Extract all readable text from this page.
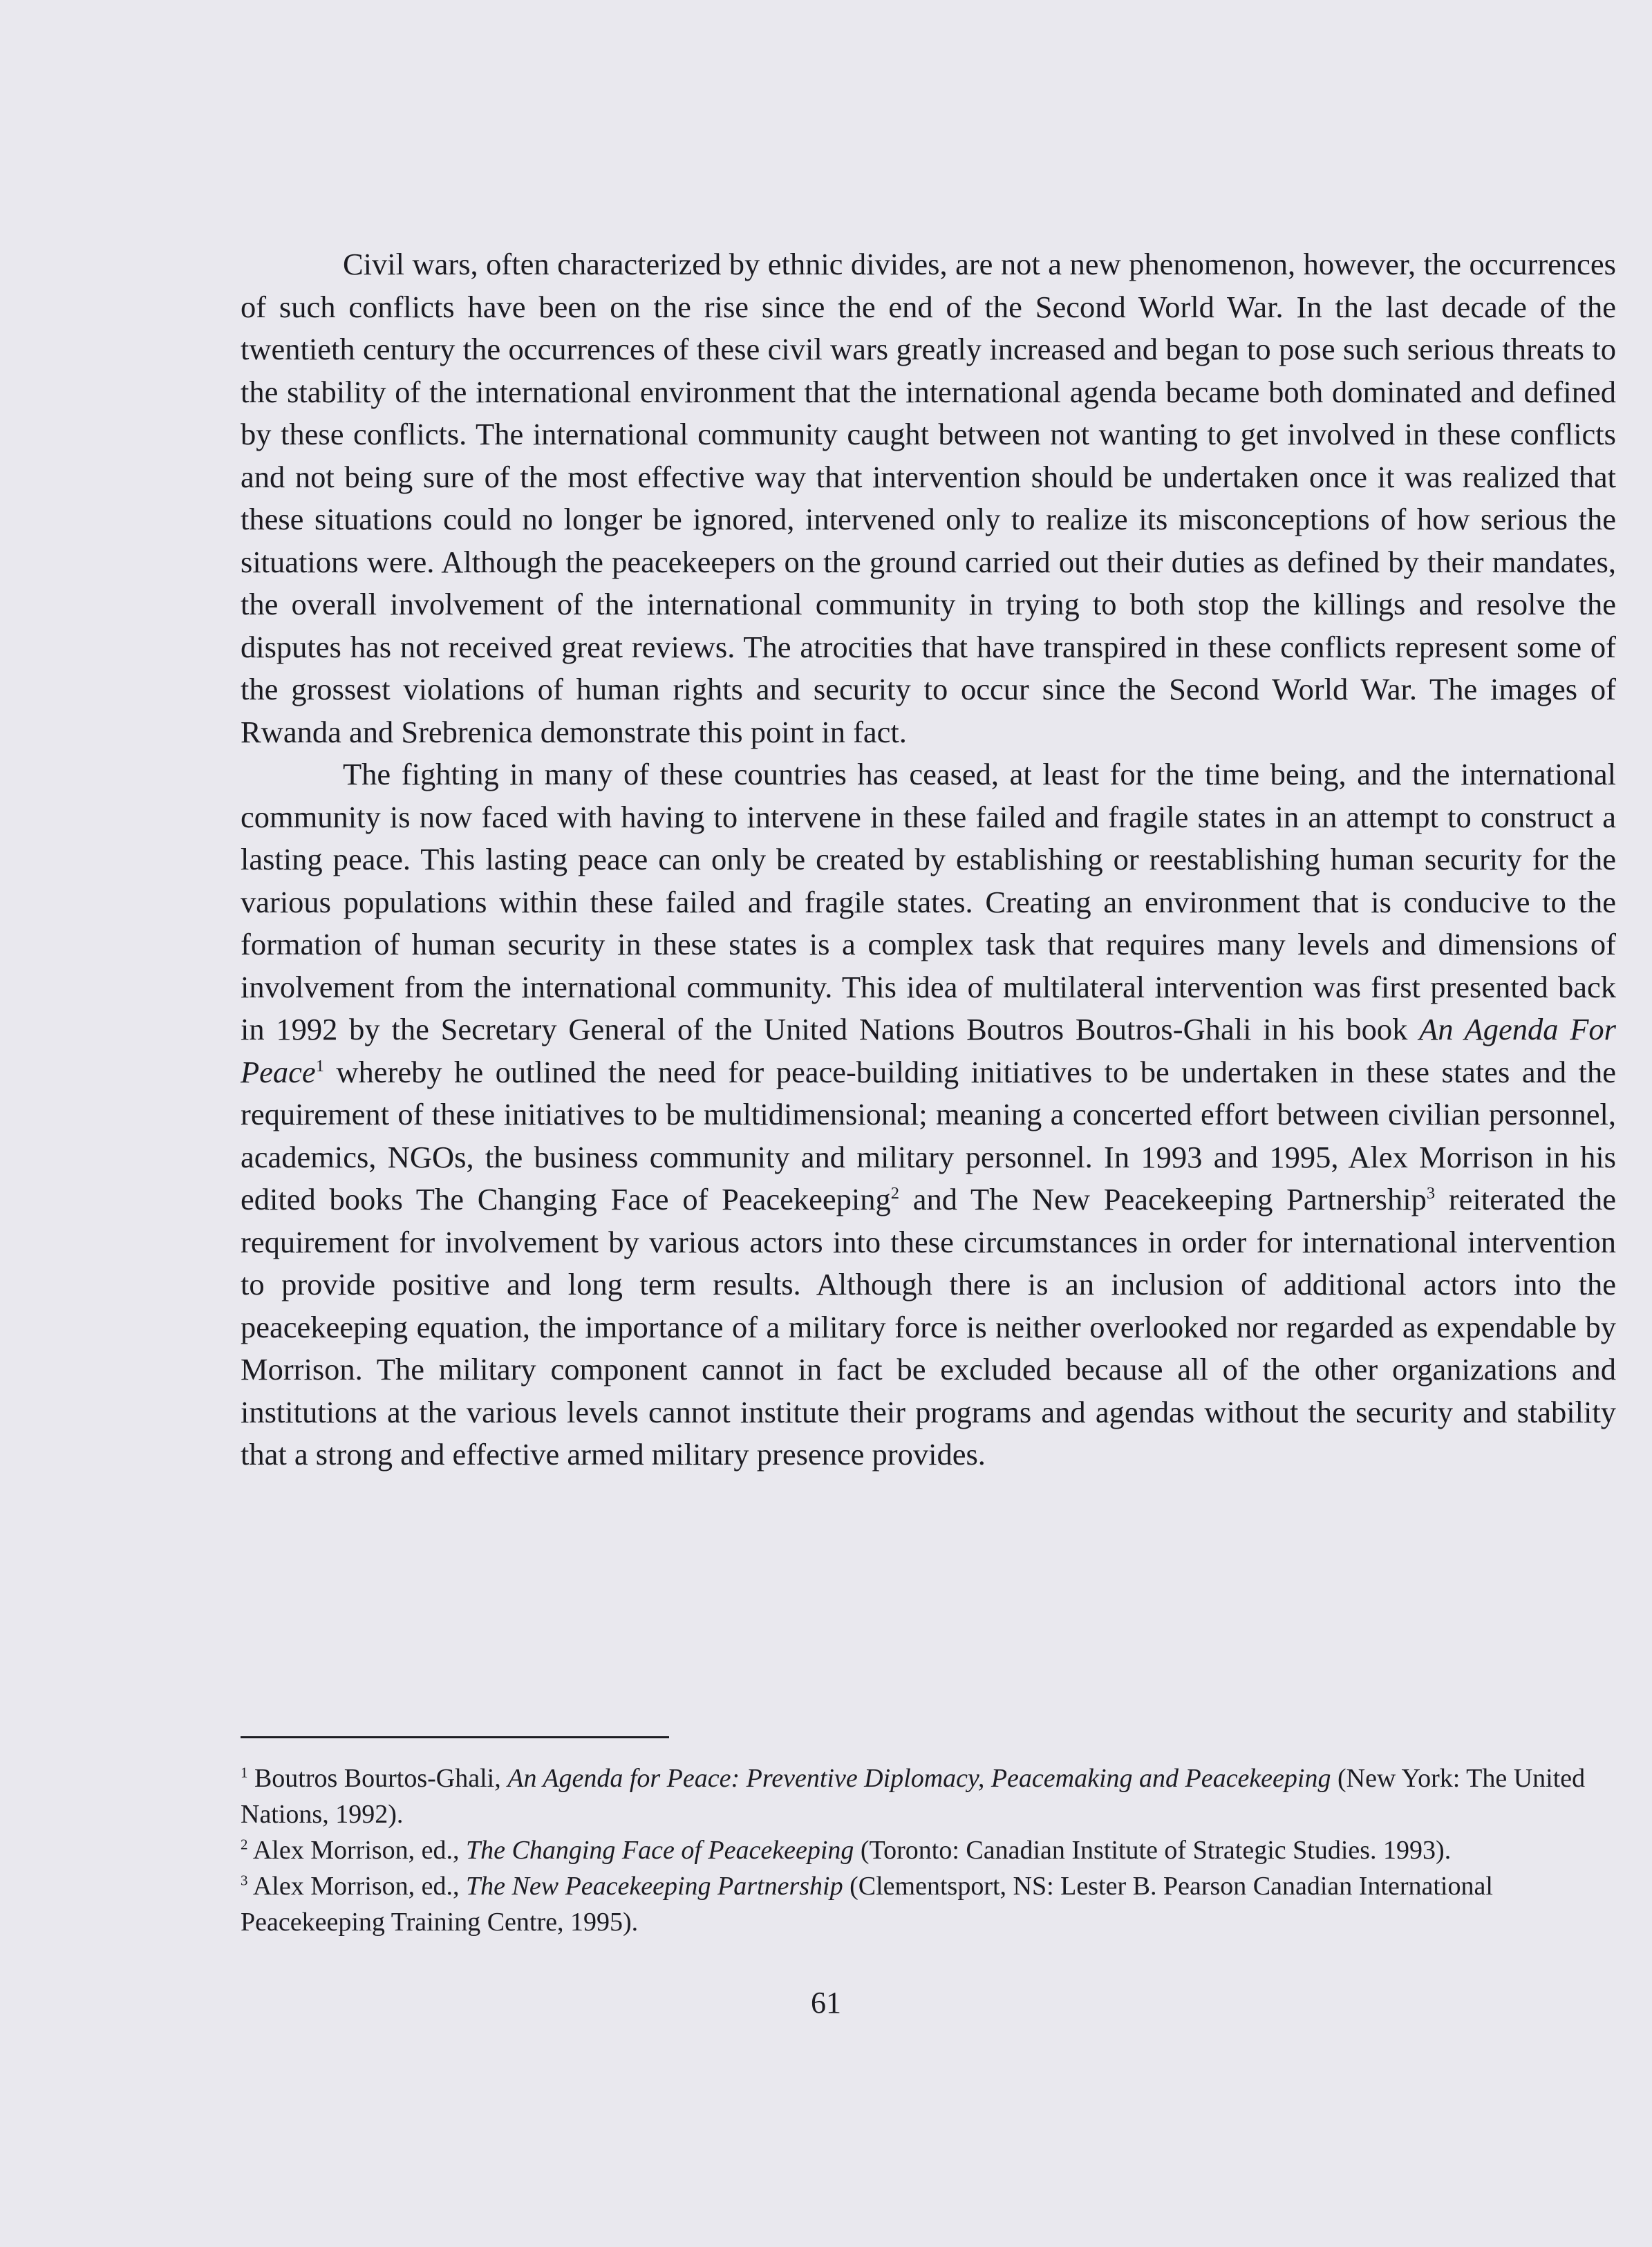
Civil wars, often characterized by ethnic divides, are not a new phenomenon, however, the occurrences of such conflicts have been on the rise since the end of the Second World War. In the last decade of the twentieth century the occurrences of these civil wars greatly increased and began to pose such serious threats to the stability of the international environment that the international agenda became both dominated and defined by these conflicts. The international community caught between not wanting to get involved in these conflicts and not being sure of the most effective way that intervention should be undertaken once it was realized that these situations could no longer be ignored, intervened only to realize its misconceptions of how serious the situations were. Although the peacekeepers on the ground carried out their duties as defined by their mandates, the overall involvement of the international community in trying to both stop the killings and resolve the disputes has not received great reviews. The atrocities that have transpired in these conflicts represent some of the grossest violations of human rights and security to occur since the Second World War. The images of Rwanda and Srebrenica demonstrate this point in fact.

The fighting in many of these countries has ceased, at least for the time being, and the international community is now faced with having to intervene in these failed and fragile states in an attempt to construct a lasting peace. This lasting peace can only be created by establishing or reestablishing human security for the various populations within these failed and fragile states. Creating an environment that is conducive to the formation of human security in these states is a complex task that requires many levels and dimensions of involvement from the international community. This idea of multilateral intervention was first presented back in 1992 by the Secretary General of the United Nations Boutros Boutros-Ghali in his book An Agenda For Peace$^1$ whereby he outlined the need for peace-building initiatives to be undertaken in these states and the requirement of these initiatives to be multidimensional; meaning a concerted effort between civilian personnel, academics, NGOs, the business community and military personnel. In 1993 and 1995, Alex Morrison in his edited books The Changing Face of Peacekeeping$^2$ and The New Peacekeeping Partnership$^3$ reiterated the requirement for involvement by various actors into these circumstances in order for international intervention to provide positive and long term results. Although there is an inclusion of additional actors into the peacekeeping equation, the importance of a military force is neither overlooked nor regarded as expendable by Morrison. The military component cannot in fact be excluded because all of the other organizations and institutions at the various levels cannot institute their programs and agendas without the security and stability that a strong and effective armed military presence provides.

$^1$ Boutros Bourtos-Ghali, An Agenda for Peace: Preventive Diplomacy, Peacemaking and Peacekeeping (New York: The United Nations, 1992).

$^2$ Alex Morrison, ed., The Changing Face of Peacekeeping (Toronto: Canadian Institute of Strategic Studies. 1993).

$^3$ Alex Morrison, ed., The New Peacekeeping Partnership (Clementsport, NS: Lester B. Pearson Canadian International Peacekeeping Training Centre, 1995).

61
